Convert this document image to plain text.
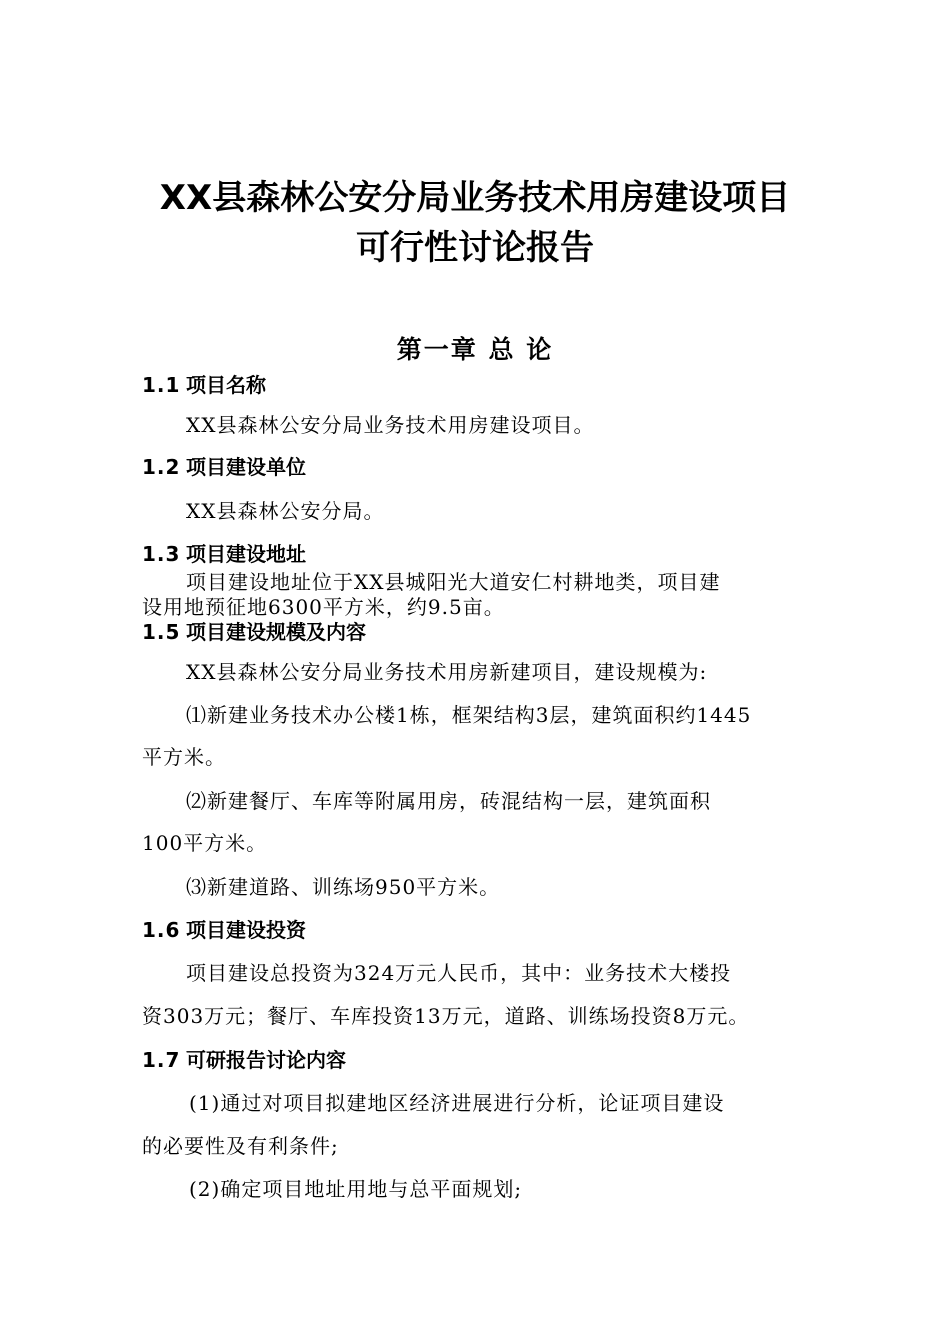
XX县森林公安分局业务技术用房建设项目
可行性讨论报告
第一章 总 论
1.1 项目名称
XX县森林公安分局业务技术用房建设项目。
1.2 项目建设单位
XX县森林公安分局。
1.3 项目建设地址
项目建设地址位于XX县城阳光大道安仁村耕地类，项目建
设用地预征地6300平方米，约9.5亩。
1.5 项目建设规模及内容
XX县森林公安分局业务技术用房新建项目，建设规模为:
⑴新建业务技术办公楼1栋，框架结构3层，建筑面积约1445
平方米。
⑵新建餐厅、车库等附属用房，砖混结构一层，建筑面积
100平方米。
⑶新建道路、训练场950平方米。
1.6 项目建设投资
项目建设总投资为324万元人民币，其中：业务技术大楼投
资303万元；餐厅、车库投资13万元，道路、训练场投资8万元。
1.7 可研报告讨论内容
(1)通过对项目拟建地区经济进展进行分析，论证项目建设
的必要性及有利条件;
(2)确定项目地址用地与总平面规划;
